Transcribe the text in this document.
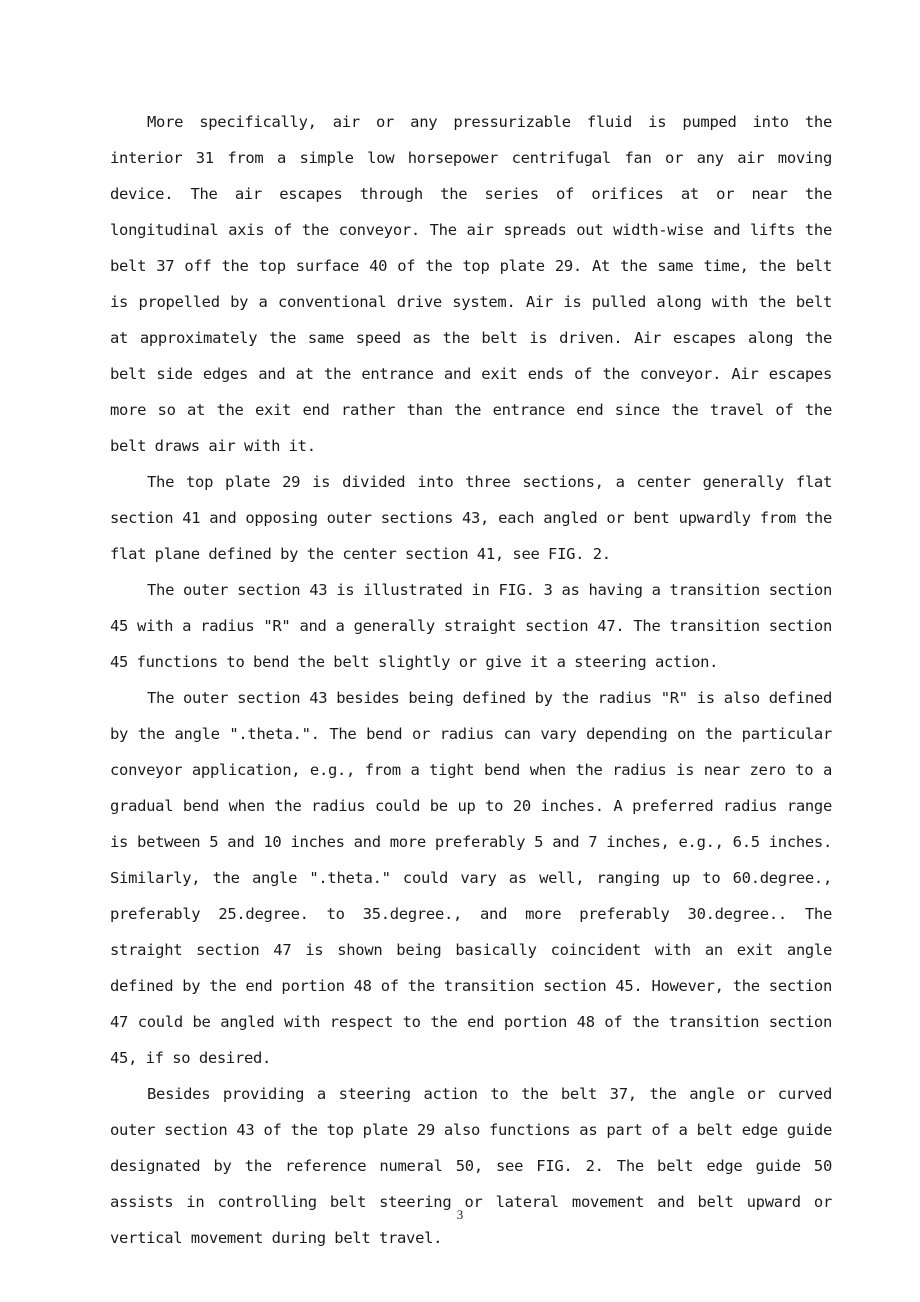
More specifically, air or any pressurizable fluid is pumped into the interior 31 from a simple low horsepower centrifugal fan or any air moving device. The air escapes through the series of orifices at or near the longitudinal axis of the conveyor. The air spreads out width-wise and lifts the belt 37 off the top surface 40 of the top plate 29. At the same time, the belt is propelled by a conventional drive system. Air is pulled along with the belt at approximately the same speed as the belt is driven. Air escapes along the belt side edges and at the entrance and exit ends of the conveyor. Air escapes more so at the exit end rather than the entrance end since the travel of the belt draws air with it.

The top plate 29 is divided into three sections, a center generally flat section 41 and opposing outer sections 43, each angled or bent upwardly from the flat plane defined by the center section 41, see FIG. 2.

The outer section 43 is illustrated in FIG. 3 as having a transition section 45 with a radius "R" and a generally straight section 47. The transition section 45 functions to bend the belt slightly or give it a steering action.

The outer section 43 besides being defined by the radius "R" is also defined by the angle ".theta.". The bend or radius can vary depending on the particular conveyor application, e.g., from a tight bend when the radius is near zero to a gradual bend when the radius could be up to 20 inches. A preferred radius range is between 5 and 10 inches and more preferably 5 and 7 inches, e.g., 6.5 inches. Similarly, the angle ".theta." could vary as well, ranging up to 60.degree., preferably 25.degree. to 35.degree., and more preferably 30.degree.. The straight section 47 is shown being basically coincident with an exit angle defined by the end portion 48 of the transition section 45. However, the section 47 could be angled with respect to the end portion 48 of the transition section 45, if so desired.

Besides providing a steering action to the belt 37, the angle or curved outer section 43 of the top plate 29 also functions as part of a belt edge guide designated by the reference numeral 50, see FIG. 2. The belt edge guide 50 assists in controlling belt steering or lateral movement and belt upward or vertical movement during belt travel.

3
